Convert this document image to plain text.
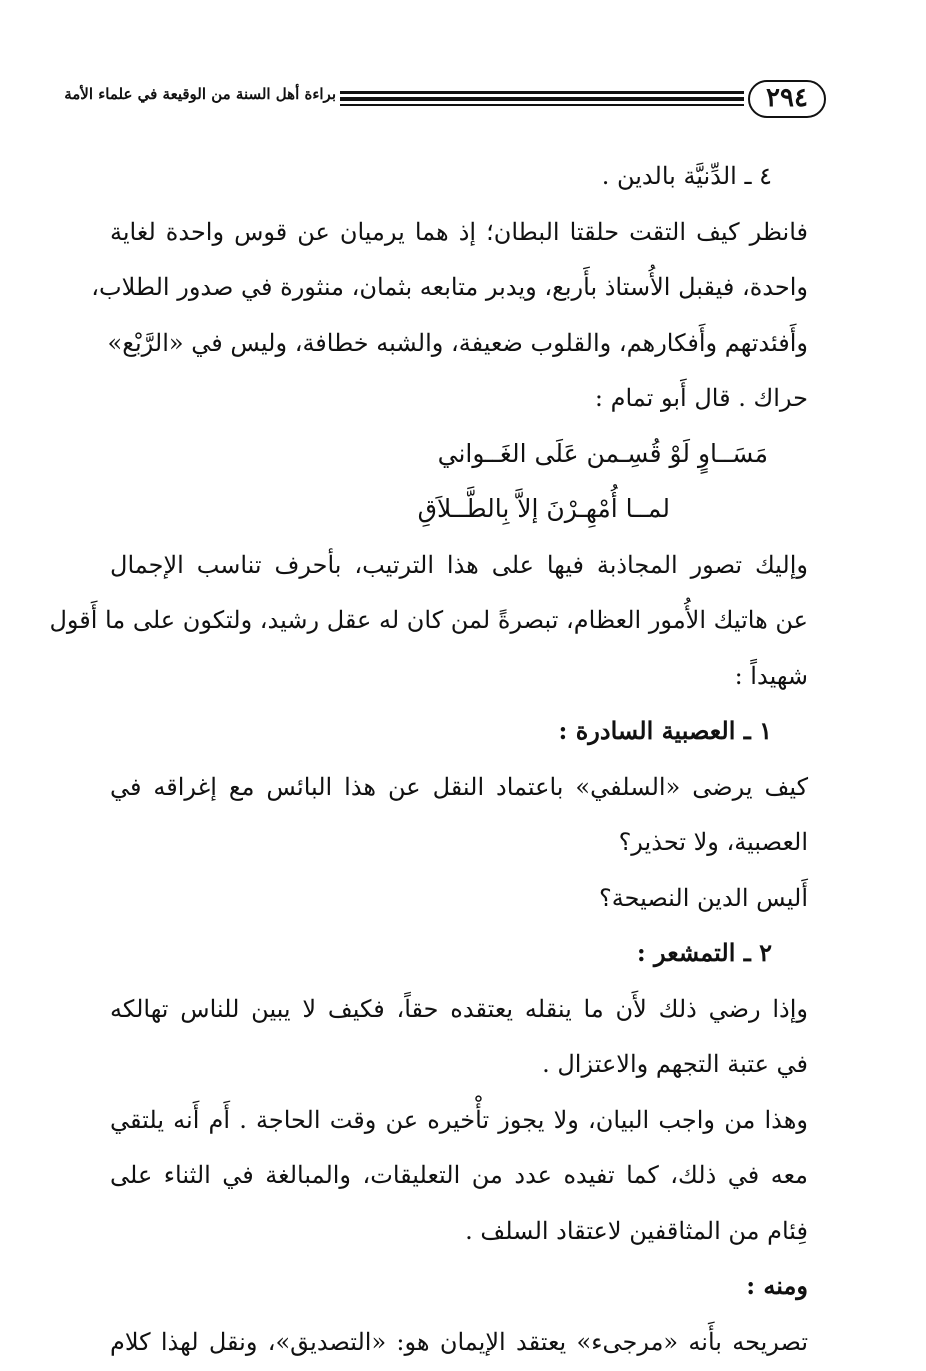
٢٩٤
براءة أهل السنة من الوقيعة في علماء الأمة
٤ ـ الدِّنيَّة بالدين .
فانظر كيف التقت حلقتا البطان؛ إذ هما يرميان عن قوس واحدة لغاية
واحدة، فيقبل الأُستاذ بأَربع، ويدبر متابعه بثمان، منثورة في صدور الطلاب،
وأَفئدتهم وأَفكارهم، والقلوب ضعيفة، والشبه خطافة، وليس في «الرَّبْع»
حراك . قال أَبو تمام :
مَسَــاوٍ لَوْ قُسِـمن عَلَى الغَــواني
لمــا أُمْهِـرْنَ إلاَّ بِالطَّــلاَقِ
وإليك تصور المجاذبة فيها على هذا الترتيب، بأحرف تناسب الإجمال
عن هاتيك الأُمور العظام، تبصرةً لمن كان له عقل رشيد، ولتكون على ما أَقول
شهيداً :
١ ـ العصبية السادرة :
كيف يرضى «السلفي» باعتماد النقل عن هذا البائس مع إغراقه في
العصبية، ولا تحذير؟
أَليس الدين النصيحة؟
٢ ـ التمشعر :
وإذا رضي ذلك لأَن ما ينقله يعتقده حقاً، فكيف لا يبين للناس تهالكه
في عتبة التجهم والاعتزال .
وهذا من واجب البيان، ولا يجوز تأْخيره عن وقت الحاجة . أَم أَنه يلتقي
معه في ذلك، كما تفيده عدد من التعليقات، والمبالغة في الثناء على
فِئام من المثاقفين لاعتقاد السلف .
ومنه :
تصريحه بأَنه «مرجىء» يعتقد الإيمان هو: «التصديق»، ونقل لهذا كلام
